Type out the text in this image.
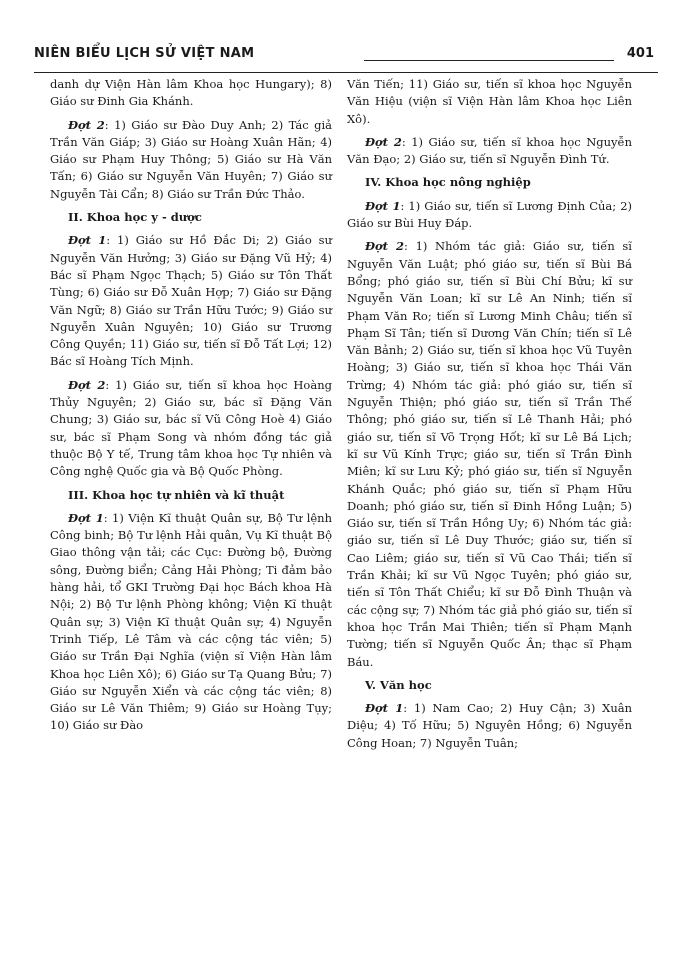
NIÊN BIỂU LỊCH SỬ VIỆT NAM	401

danh dự Viện Hàn lâm Khoa học Hungary); 8) Giáo sư Đinh Gia Khánh.

Đợt 2: 1) Giáo sư Đào Duy Anh; 2) Tác giả Trần Văn Giáp; 3) Giáo sư Hoàng Xuân Hãn; 4) Giáo sư Phạm Huy Thông; 5) Giáo sư Hà Văn Tấn; 6) Giáo sư Nguyễn Văn Huyên; 7) Giáo sư Nguyễn Tài Cẩn; 8) Giáo sư Trần Đức Thảo.

II. Khoa học y - dược

Đợt 1: 1) Giáo sư Hồ Đắc Di; 2) Giáo sư Nguyễn Văn Hưởng; 3) Giáo sư Đặng Vũ Hỷ; 4) Bác sĩ Phạm Ngọc Thạch; 5) Giáo sư Tôn Thất Tùng; 6) Giáo sư Đỗ Xuân Hợp; 7) Giáo sư Đặng Văn Ngữ; 8) Giáo sư Trần Hữu Tước; 9) Giáo sư Nguyễn Xuân Nguyên; 10) Giáo sư Trương Công Quyền; 11) Giáo sư, tiến sĩ Đỗ Tất Lợi; 12) Bác sĩ Hoàng Tích Mịnh.

Đợt 2: 1) Giáo sư, tiến sĩ khoa học Hoàng Thủy Nguyên; 2) Giáo sư, bác sĩ Đặng Văn Chung; 3) Giáo sư, bác sĩ Vũ Công Hoè 4) Giáo sư, bác sĩ Phạm Song và nhóm đồng tác giả thuộc Bộ Y tế, Trung tâm khoa học Tự nhiên và Công nghệ Quốc gia và Bộ Quốc Phòng.

III. Khoa học tự nhiên và kĩ thuật

Đợt 1: 1) Viện Kĩ thuật Quân sự, Bộ Tư lệnh Công binh; Bộ Tư lệnh Hải quân, Vụ Kĩ thuật Bộ Giao thông vận tải; các Cục: Đường bộ, Đường sông, Đường biển; Cảng Hải Phòng; Ti đảm bảo hàng hải, tổ GKI Trường Đại học Bách khoa Hà Nội; 2) Bộ Tư lệnh Phòng không; Viện Kĩ thuật Quân sự; 3) Viện Kĩ thuật Quân sự; 4) Nguyễn Trinh Tiếp, Lê Tâm và các cộng tác viên; 5) Giáo sư Trần Đại Nghĩa (viện sĩ Viện Hàn lâm Khoa học Liên Xô); 6) Giáo sư Tạ Quang Bửu; 7) Giáo sư Nguyễn Xiển và các cộng tác viên; 8) Giáo sư Lê Văn Thiêm; 9) Giáo sư Hoàng Tụy; 10) Giáo sư Đào

Văn Tiến; 11) Giáo sư, tiến sĩ khoa học Nguyễn Văn Hiệu (viện sĩ Viện Hàn lâm Khoa học Liên Xô).

Đợt 2: 1) Giáo sư, tiến sĩ khoa học Nguyễn Văn Đạo; 2) Giáo sư, tiến sĩ Nguyễn Đình Tứ.

IV. Khoa học nông nghiệp

Đợt 1: 1) Giáo sư, tiến sĩ Lương Định Của; 2) Giáo sư Bùi Huy Đáp.

Đợt 2: 1) Nhóm tác giả: Giáo sư, tiến sĩ Nguyễn Văn Luật; phó giáo sư, tiến sĩ Bùi Bá Bổng; phó giáo sư, tiến sĩ Bùi Chí Bửu; kĩ sư Nguyễn Văn Loan; kĩ sư Lê An Ninh; tiến sĩ Phạm Văn Ro; tiến sĩ Lương Minh Châu; tiến sĩ Phạm Sĩ Tân; tiến sĩ Dương Văn Chín; tiến sĩ Lê Văn Bảnh; 2) Giáo sư, tiến sĩ khoa học Vũ Tuyên Hoàng; 3) Giáo sư, tiến sĩ khoa học Thái Văn Trừng; 4) Nhóm tác giả: phó giáo sư, tiến sĩ Nguyễn Thiện; phó giáo sư, tiến sĩ Trần Thế Thông; phó giáo sư, tiến sĩ Lê Thanh Hải; phó giáo sư, tiến sĩ Võ Trọng Hốt; kĩ sư Lê Bá Lịch; kĩ sư Vũ Kính Trực; giáo sư, tiến sĩ Trần Đình Miên; kĩ sư Lưu Kỷ; phó giáo sư, tiến sĩ Nguyễn Khánh Quắc; phó giáo sư, tiến sĩ Phạm Hữu Doanh; phó giáo sư, tiến sĩ Đinh Hồng Luận; 5) Giáo sư, tiến sĩ Trần Hồng Uy; 6) Nhóm tác giả: giáo sư, tiến sĩ Lê Duy Thước; giáo sư, tiến sĩ Cao Liêm; giáo sư, tiến sĩ Vũ Cao Thái; tiến sĩ Trần Khải; kĩ sư Vũ Ngọc Tuyên; phó giáo sư, tiến sĩ Tôn Thất Chiểu; kĩ sư Đỗ Đình Thuận và các cộng sự; 7) Nhóm tác giả phó giáo sư, tiến sĩ khoa học Trần Mai Thiên; tiến sĩ Phạm Mạnh Tường; tiến sĩ Nguyễn Quốc Ân; thạc sĩ Phạm Báu.

V. Văn học

Đợt 1: 1) Nam Cao; 2) Huy Cận; 3) Xuân Diệu; 4) Tố Hữu; 5) Nguyên Hồng; 6) Nguyễn Công Hoan; 7) Nguyễn Tuân;
